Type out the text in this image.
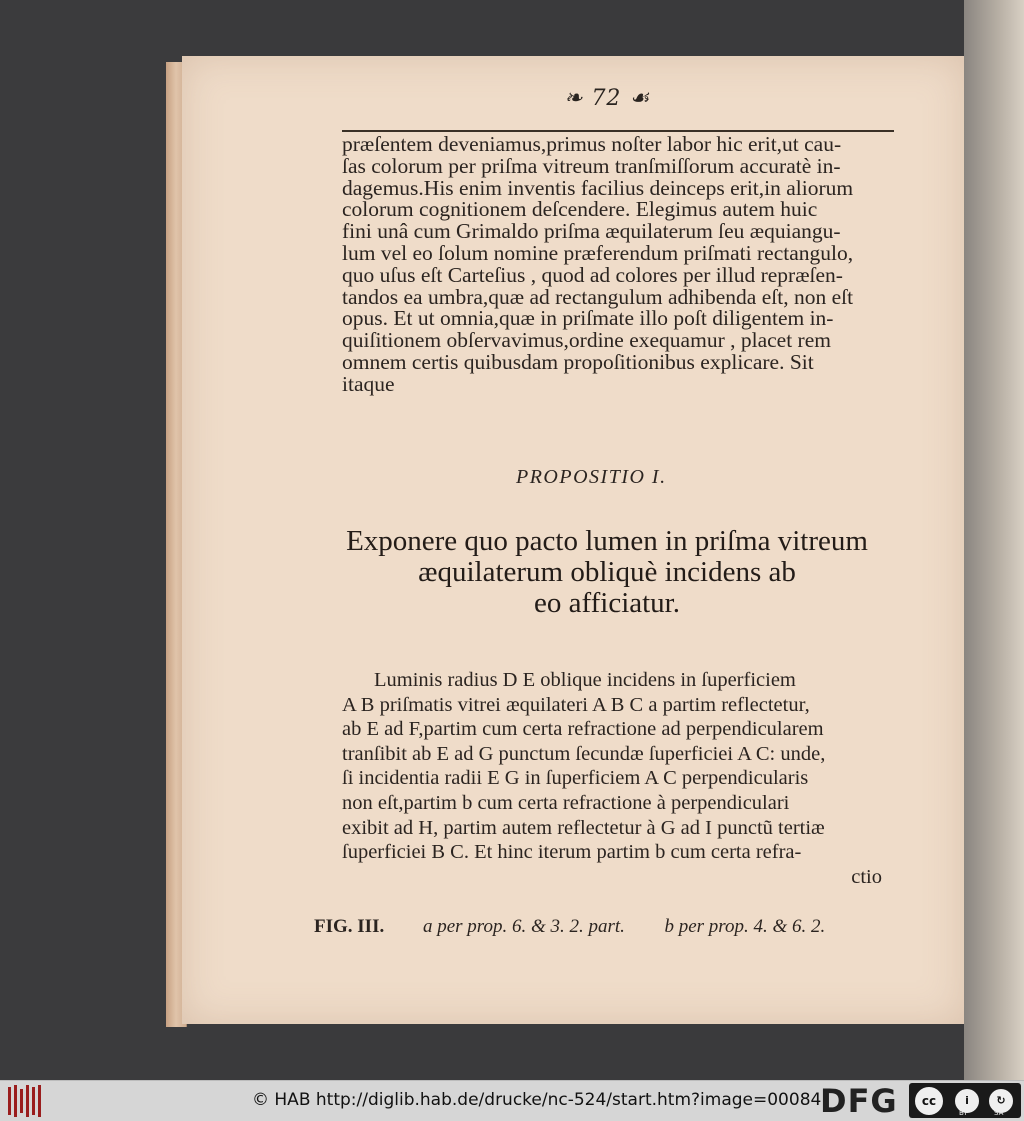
❧ 72 ☙
præſentem deveniamus,primus noſter labor hic erit,ut cau-
ſas colorum per priſma vitreum tranſmiſſorum accuratè in-
dagemus.His enim inventis facilius deinceps erit,in aliorum
colorum cognitionem deſcendere. Elegimus autem huic
fini unâ cum Grimaldo priſma æquilaterum ſeu æquiangu-
lum vel eo ſolum nomine præferendum priſmati rectangulo,
quo uſus eſt Carteſius , quod ad colores per illud repræſen-
tandos ea umbra,quæ ad rectangulum adhibenda eſt, non eſt
opus. Et ut omnia,quæ in priſmate illo poſt diligentem in-
quiſitionem obſervavimus,ordine exequamur , placet rem
omnem certis quibusdam propoſitionibus explicare. Sit
itaque
PROPOSITIO I.
Exponere quo pacto lumen in priſma vitreum
æquilaterum obliquè incidens ab
eo afficiatur.
Luminis radius D E oblique incidens in ſuperficiem
A B priſmatis vitrei æquilateri A B C a partim reflectetur,
ab E ad F,partim cum certa refractione ad perpendicularem
tranſibit ab E ad G punctum ſecundæ ſuperficiei A C: unde,
ſi incidentia radii E G in ſuperficiem A C perpendicularis
non eſt,partim b cum certa refractione à perpendiculari
exibit ad H, partim autem reflectetur à G ad I punctũ tertiæ
ſuperficiei B C. Et hinc iterum partim b cum certa refra-
ctio
FIG. III. a per prop. 6. & 3. 2. part. b per prop. 4. & 6. 2.
© HAB http://diglib.hab.de/drucke/nc-524/start.htm?image=00084
DFG	cc	i	↻
BY	SA
